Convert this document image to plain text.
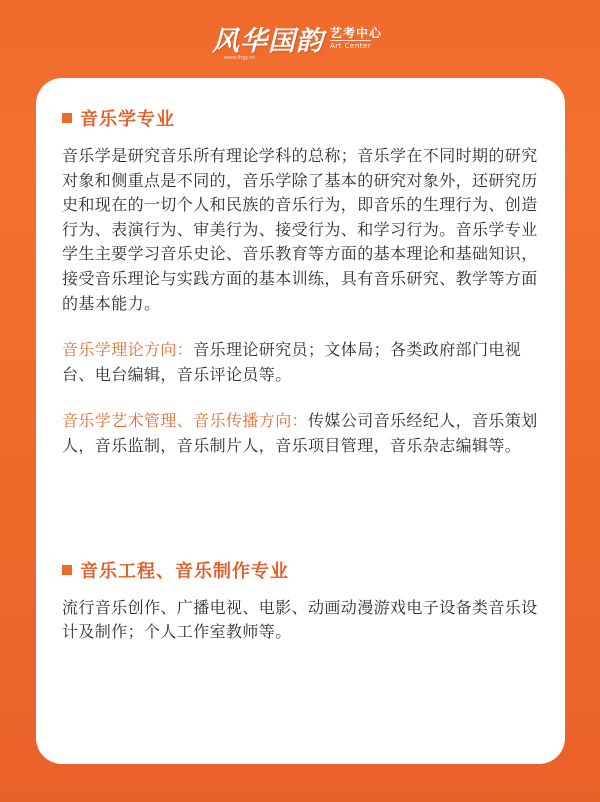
风华国韵 艺考中心
Art Center
www.fhgy.cn
音乐学专业

音乐学是研究音乐所有理论学科的总称；音乐学在不同时期的研究对象和侧重点是不同的，音乐学除了基本的研究对象外，还研究历史和现在的一切个人和民族的音乐行为，即音乐的生理行为、创造行为、表演行为、审美行为、接受行为、和学习行为。音乐学专业学生主要学习音乐史论、音乐教育等方面的基本理论和基础知识，接受音乐理论与实践方面的基本训练，具有音乐研究、教学等方面的基本能力。

音乐学理论方向：音乐理论研究员；文体局；各类政府部门电视台、电台编辑，音乐评论员等。

音乐学艺术管理、音乐传播方向：传媒公司音乐经纪人，音乐策划人，音乐监制，音乐制片人，音乐项目管理，音乐杂志编辑等。

音乐工程、音乐制作专业

流行音乐创作、广播电视、电影、动画动漫游戏电子设备类音乐设计及制作；个人工作室教师等。
